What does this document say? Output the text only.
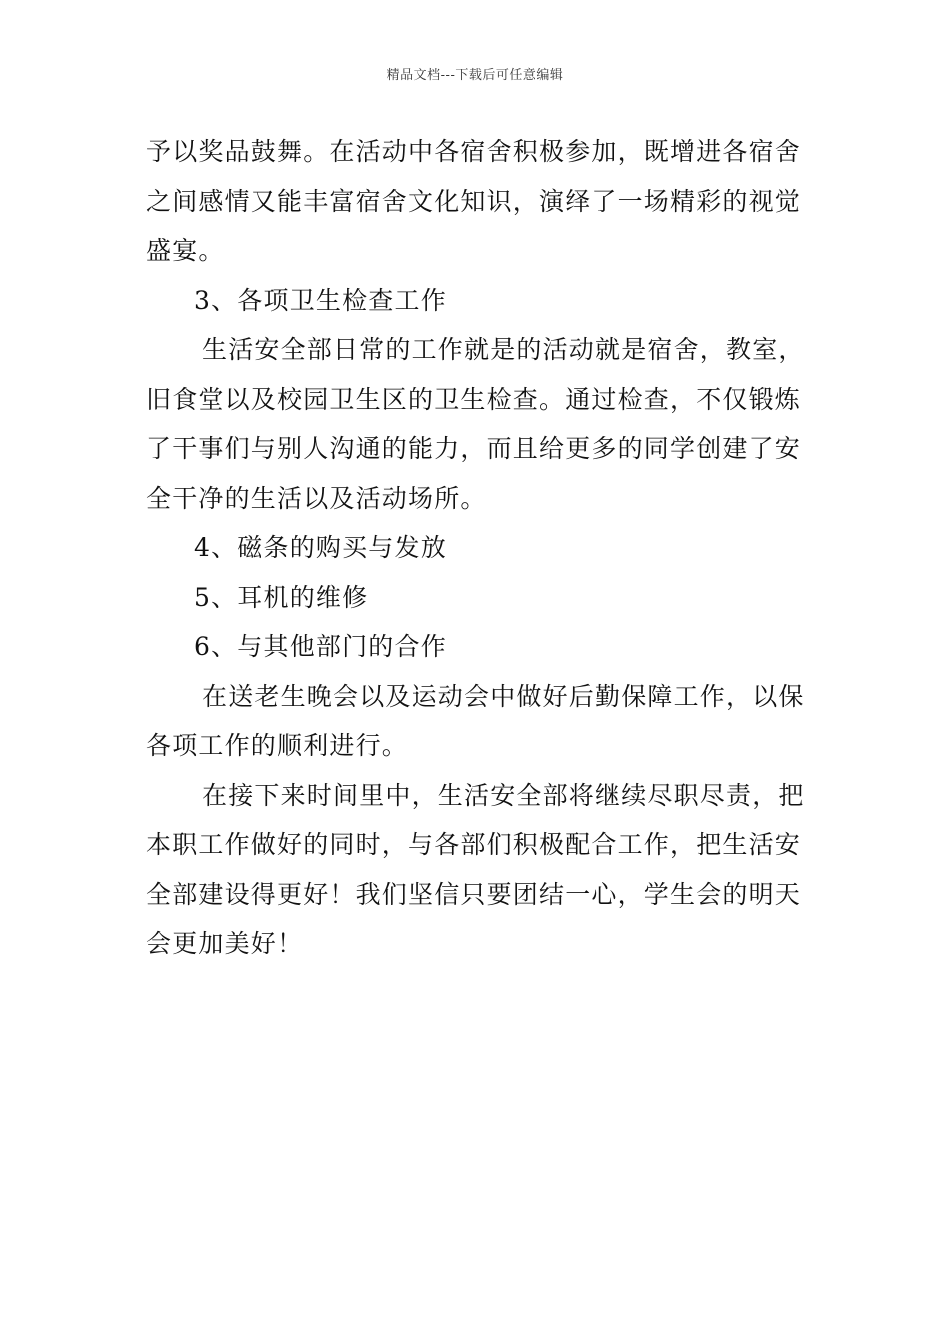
精品文档---下载后可任意编辑

予以奖品鼓舞。在活动中各宿舍积极参加，既增进各宿舍之间感情又能丰富宿舍文化知识，演绎了一场精彩的视觉盛宴。

3、各项卫生检查工作

生活安全部日常的工作就是的活动就是宿舍，教室，旧食堂以及校园卫生区的卫生检查。通过检查，不仅锻炼了干事们与别人沟通的能力，而且给更多的同学创建了安全干净的生活以及活动场所。

4、磁条的购买与发放

5、耳机的维修

6、与其他部门的合作

在送老生晚会以及运动会中做好后勤保障工作，以保各项工作的顺利进行。

在接下来时间里中，生活安全部将继续尽职尽责，把本职工作做好的同时，与各部们积极配合工作，把生活安全部建设得更好！我们坚信只要团结一心，学生会的明天会更加美好！
